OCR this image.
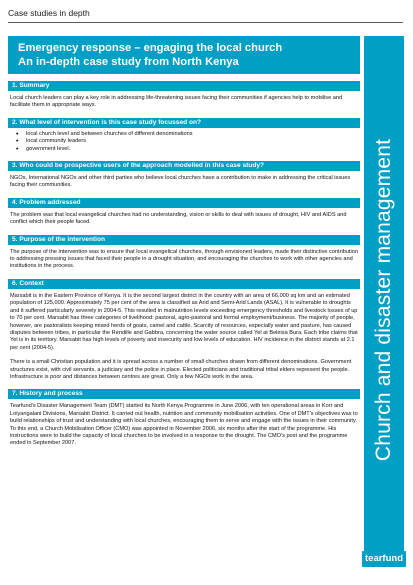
Case studies in depth
Emergency response – engaging the local church
An in-depth case study from North Kenya
1. Summary

Local church leaders can play a key role in addressing life-threatening issues facing their communities if agencies help to mobilise and facilitate them in appropriate ways.

2. What level of intervention is this case study focussed on?
• local church level and between churches of different denominations
• local community leaders
• government level.
3. Who could be prospective users of the approach modelled in this case study?

NGOs, International NGOs and other third parties who believe local churches have a contribution to make in addressing the critical issues facing their communities.

4. Problem addressed

The problem was that local evangelical churches had no understanding, vision or skills to deal with issues of drought, HIV and AIDS and conflict which their people faced.

5. Purpose of the intervention

The purpose of the intervention was to ensure that local evangelical churches, through envisioned leaders, made their distinctive contribution to addressing pressing issues that faced their people in a drought situation, and encouraging the churches to work with other agencies and institutions in the process.

6. Context

Marsabit is in the Eastern Province of Kenya. It is the second largest district in the country with an area of 66,000 sq km and an estimated population of 125,000. Approximately 75 per cent of the area is classified as Arid and Semi-Arid Lands (ASAL). It is vulnerable to droughts and it suffered particularly severely in 2004-5. This resulted in malnutrition levels exceeding emergency thresholds and livestock losses of up to 70 per cent. Marsabit has three categories of livelihood: pastoral, agro-pastoral and formal employment/business. The majority of people, however, are pastoralists keeping mixed herds of goats, camel and cattle. Scarcity of resources, especially water and pasture, has caused disputes between tribes, in particular the Rendille and Gabbra, concerning the water source called Yel at Beleisa Bura. Each tribe claims that Yel is in its territory. Marsabit has high levels of poverty and insecurity and low levels of education. HIV incidence in the district stands at 2.1 per cent (2004-5).

There is a small Christian population and it is spread across a number of small churches drawn from different denominations. Government structures exist, with civil servants, a judiciary and the police in place. Elected politicians and traditional tribal elders represent the people. Infrastructure is poor and distances between centres are great. Only a few NGOs work in the area.

7. History and process

Tearfund's Disaster Management Team (DMT) started its North Kenya Programme in June 2006, with ten operational areas in Korr and Loiyangalani Divisions, Marsabit District. It carried out health, nutrition and community mobilisation activities. One of DMT's objectives was to build relationships of trust and understanding with local churches, encouraging them to serve and engage with the issues in their community. To this end, a Church Mobilisation Officer (CMO) was appointed in November 2006, six months after the start of the programme. His instructions were to build the capacity of local churches to be involved in a response to the drought. The CMO's post and the programme ended in September 2007.	Church and disaster management
tearfund
